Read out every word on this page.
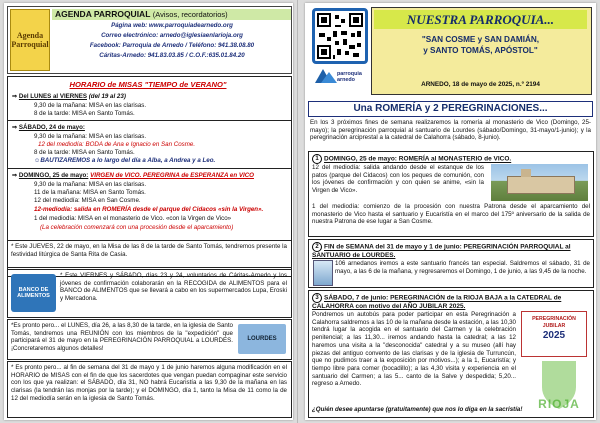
Agenda
Parroquial
AGENDA PARROQUIAL (Avisos, recordatorios)
Página web: www.parroquiadearnedo.org
Correo electrónico: arnedo@iglesiaenlarioja.org
Facebook: Parroquia de Arnedo / Teléfono: 941.38.08.80
Cáritas-Arnedo: 941.83.03.85 / C.O.F.:635.01.84.20
HORARIO de MISAS "TIEMPO de VERANO"
⇒ Del LUNES al VIERNES (del 19 al 23)
9,30 de la mañana: MISA en las clarisas.
8 de la tarde: MISA en Santo Tomás.
⇒ SÁBADO, 24 de mayo:
9,30 de la mañana: MISA en las clarisas.
12 del mediodía: BODA de Ana e Ignacio en San Cosme.
8 de la tarde: MISA en Santo Tomás.
☺BAUTIZAREMOS a lo largo del día a Alba, a Andrea y a Leo.
⇒ DOMINGO, 25 de mayo: VIRGEN de VICO. PEREGRINA de ESPERANZA en VICO
9,30 de la mañana: MISA en las clarisas.
11 de la mañana: MISA en Santo Tomás.
12 del mediodía: MISA en San Cosme.
12-mediodía: salida en ROMERÍA desde el parque del Cidacos «sin la Virgen».
1 del mediodía: MISA en el monasterio de Vico. «con la Virgen de Vico»
(La celebración comenzará con una procesión desde el aparcamiento)
* Este JUEVES, 22 de mayo, en la Misa de las 8 de la tarde de Santo Tomás, tendremos presente la festividad litúrgica de Santa Rita de Casia.
BANCO DE ALIMENTOS
* Este VIERNES y SÁBADO, días 23 y 24, voluntarios de Cáritas-Arnedo y los jóvenes de confirmación colaborarán en la RECOGIDA de ALIMENTOS para el BANCO de ALIMENTOS que se llevará a cabo en los supermercados Lupa, Eroski y Mercadona.
*Es pronto pero... el LUNES, día 26, a las 8,30 de la tarde, en la iglesia de Santo Tomás, tendremos una REUNIÓN con los miembros de la "expedición" que participará el 31 de mayo en la PEREGRINACIÓN PARROQUIAL a LOURDES. ¡Concretaremos algunos detalles!
LOURDES
* Es pronto pero... al fin de semana del 31 de mayo y 1 de junio haremos alguna modificación en el HORARIO de MISAS con el fin de que los sacerdotes que vengan puedan compaginar este servicio con los que ya realizan: el SÁBADO, día 31, NO habrá Eucaristía a las 9,30 de la mañana en las clarisas (la tendrán las monjas por la tarde); y el DOMINGO, día 1, tanto la Misa de 11 como la de 12 del mediodía serán en la iglesia de Santo Tomás.
parroquia arnedo
NUESTRA PARROQUIA...
"SAN COSME y SAN DAMIÁN,
y SANTO TOMÁS, APÓSTOL"
ARNEDO, 18 de mayo de 2025, n.º 2194
Una ROMERÍA y 2 PEREGRINACIONES...
En los 3 próximos fines de semana realizaremos la romería al monasterio de Vico (Domingo, 25-mayo); la peregrinación parroquial al santuario de Lourdes (sábado/Domingo, 31-mayo/1-junio); y la peregrinación arciprestal a la catedral de Calahorra (sábado, 8-junio).
1 DOMINGO, 25 de mayo: ROMERÍA al MONASTERIO de VICO.
12 del mediodía: salida andando desde el estanque de los patos (parque del Cidacos) con los peques de comunión, con los jóvenes de confirmación y con quien se anime, «sin la Virgen de Vico».
1 del mediodía: comienzo de la procesión con nuestra Patrona desde el aparcamiento del monasterio de Vico hasta el santuario y Eucaristía en el marco del 175º aniversario de la salida de nuestra Patrona de ese lugar a San Cosme.
2 FIN de SEMANA del 31 de mayo y 1 de junio: PEREGRINACIÓN PARROQUIAL al SANTUARIO de LOURDES.
106 arnedanos iremos a este santuario francés tan especial. Saldremos el sábado, 31 de mayo, a las 6 de la mañana, y regresaremos el Domingo, 1 de junio, a las 9,45 de la noche.
3 SÁBADO, 7 de junio: PEREGRINACIÓN de la RIOJA BAJA a la CATEDRAL de CALAHORRA con motivo del AÑO JUBILAR 2025.
Pondremos un autobús para poder participar en esta Peregrinación a Calahorra saldremos a las 10 de la mañana desde la estación, a las 10,30 tendrá lugar la acogida en el santuario del Carmen y la celebración penitencial; a las 11,30... iremos andando hasta la catedral; a las 12 haremos una visita a la "desconocida" catedral y a su museo (allí hay piezas del antiguo convento de las clarisas y de la iglesia de Turruncún, que no pudimos traer a la exposición por motivos...); a la 1, Eucaristía; y tiempo libre para comer (bocadillo); a las 4,30 visita y experiencia en el santuario del Carmen; a las 5... canto de la Salve y despedida; 5,20... regreso a Arnedo.
PEREGRINACIÓN
JUBILAR
2025
¿Quién desee apuntarse (gratuitamente) que nos lo diga en la sacristía!	RIOJA
